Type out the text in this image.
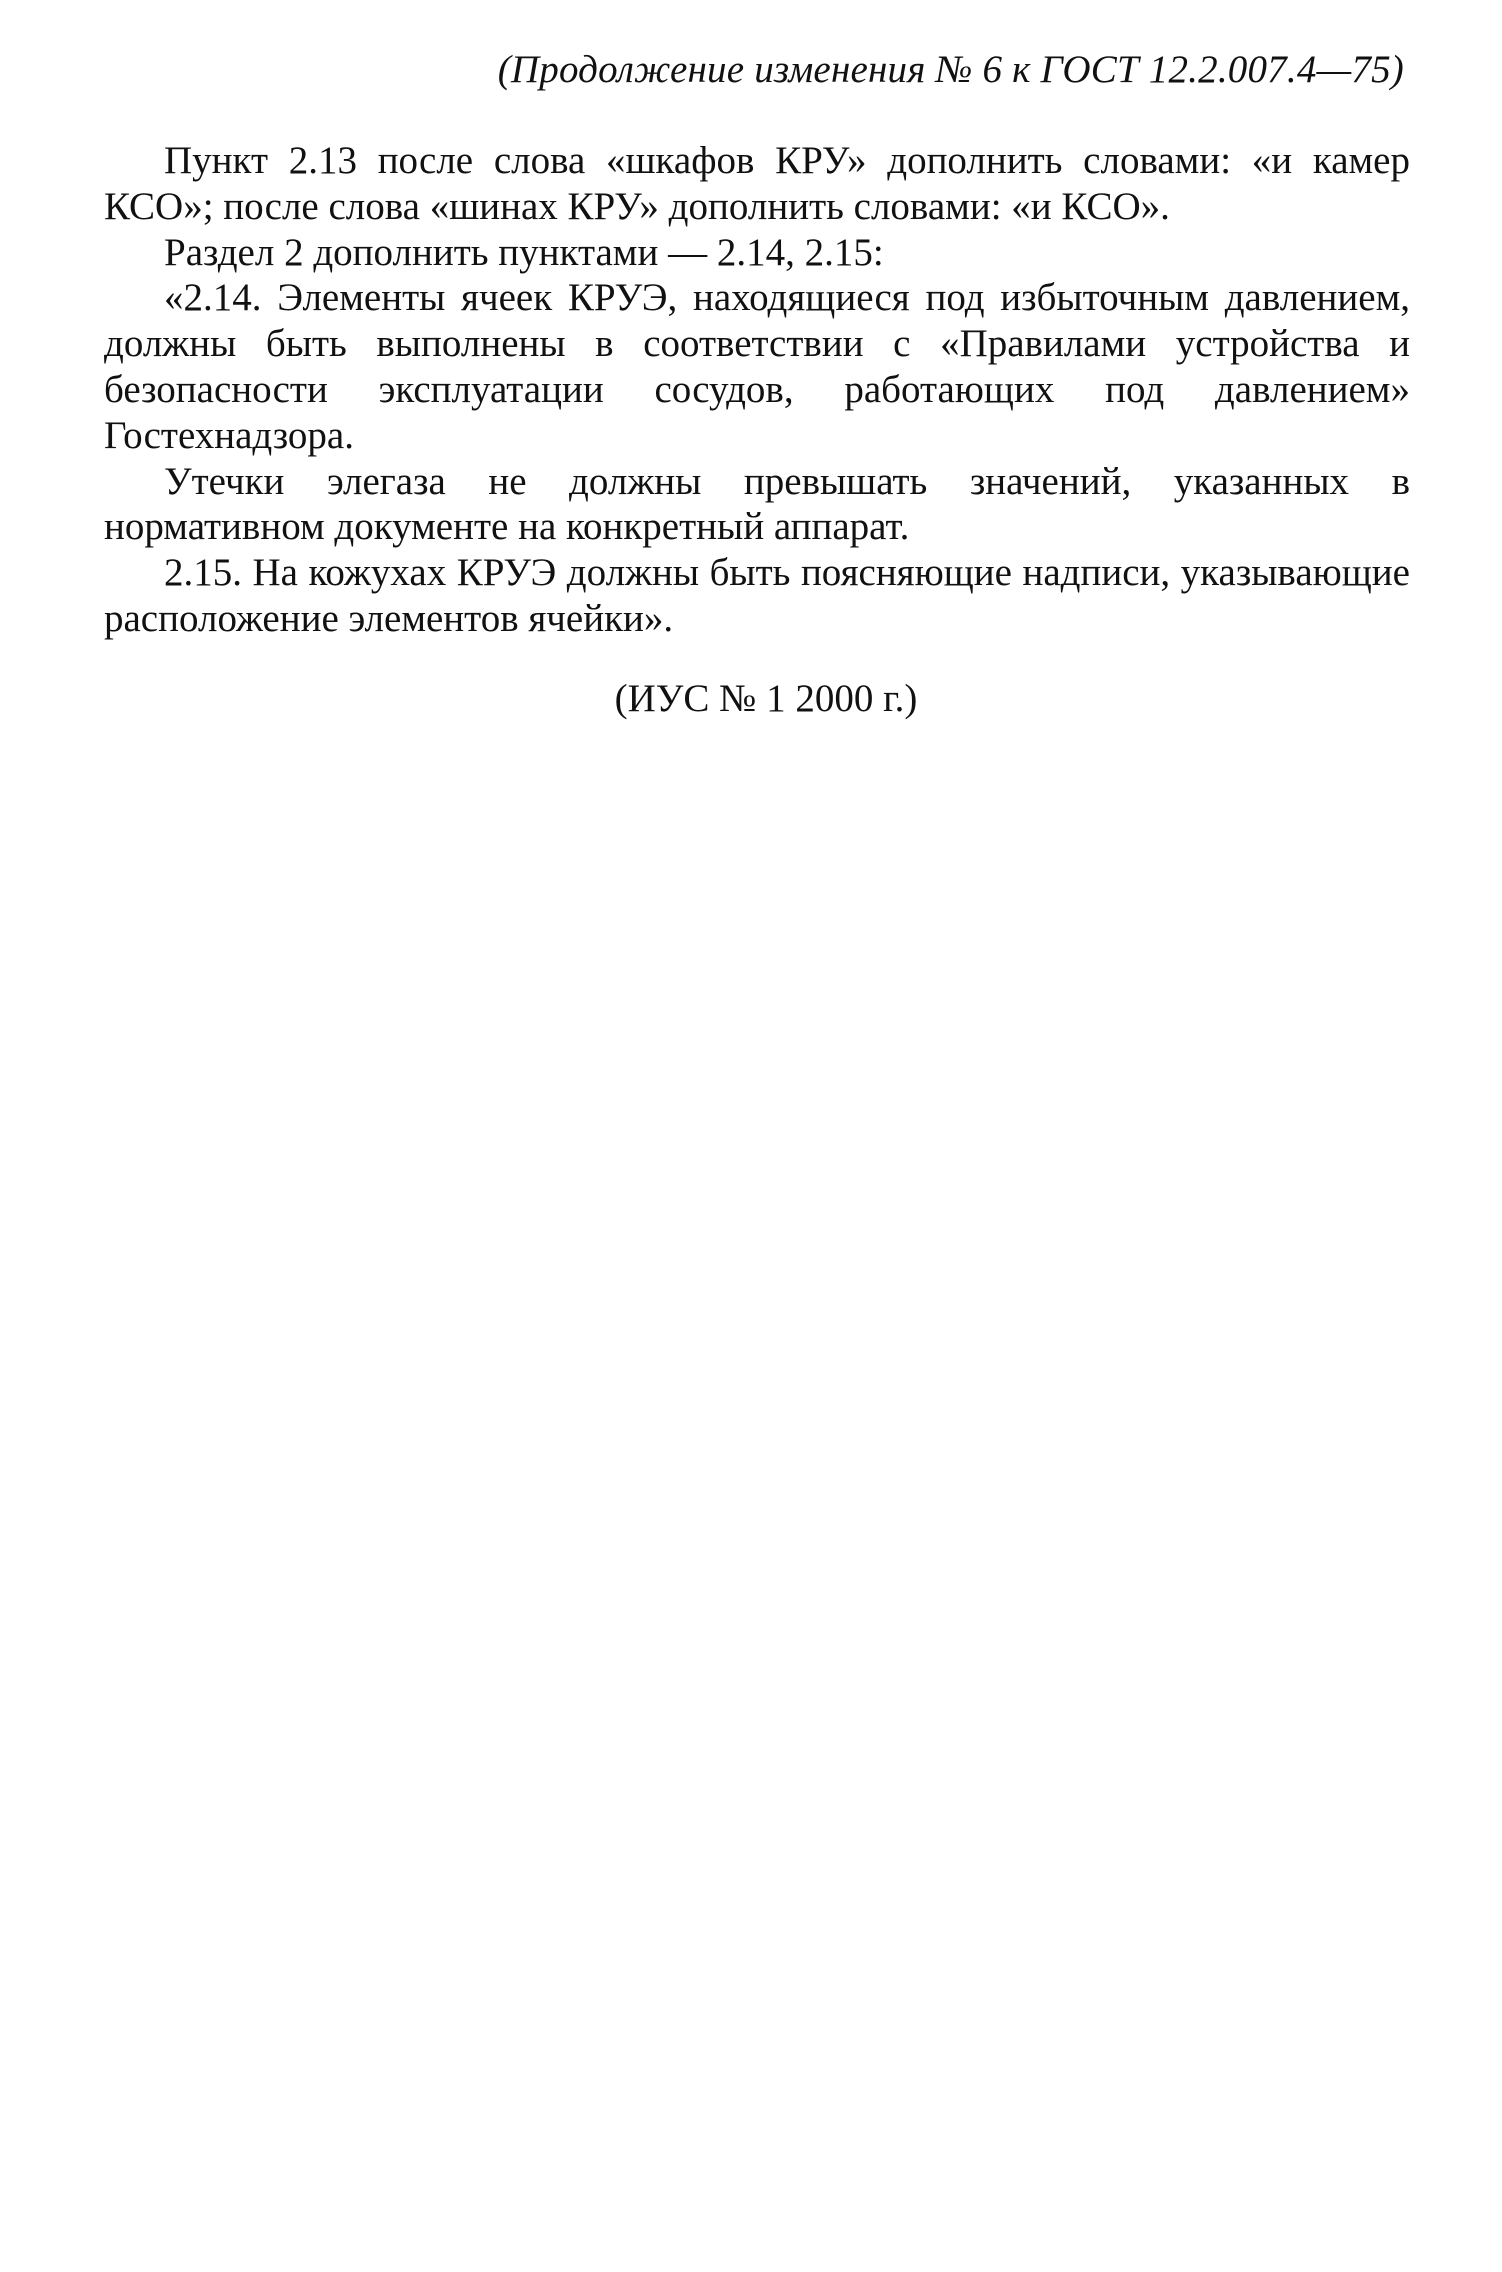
(Продолжение изменения № 6 к ГОСТ 12.2.007.4—75)

Пункт 2.13 после слова «шкафов КРУ» дополнить словами: «и камер КСО»; после слова «шинах КРУ» дополнить словами: «и КСО».

Раздел 2 дополнить пунктами — 2.14, 2.15:

«2.14. Элементы ячеек КРУЭ, находящиеся под избыточным давлением, должны быть выполнены в соответствии с «Правилами устройства и безопасности эксплуатации сосудов, работающих под давлением» Гостехнадзора.

Утечки элегаза не должны превышать значений, указанных в нормативном документе на конкретный аппарат.

2.15. На кожухах КРУЭ должны быть поясняющие надписи, указывающие расположение элементов ячейки».

(ИУС № 1 2000 г.)
